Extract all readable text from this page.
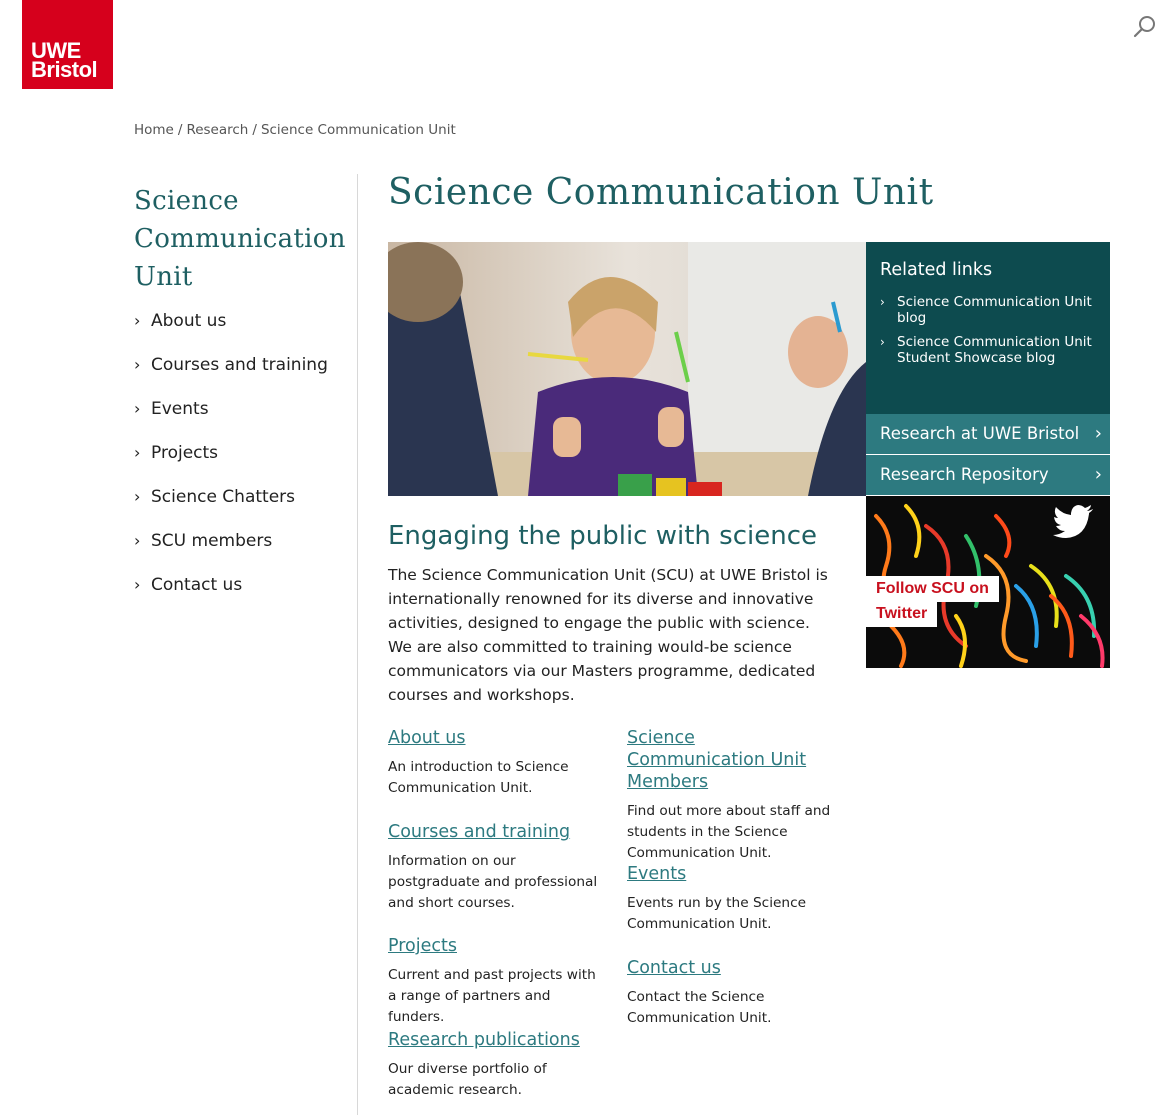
UWE
Bristol
Home / Research / Science Communication Unit
Science Communication Unit
› About us
› Courses and training
› Events
› Projects
› Science Chatters
› SCU members
› Contact us
Science Communication Unit
Related links
› Science Communication Unit blog
› Science Communication Unit Student Showcase blog
Research at UWE Bristol ›
Research Repository	›
Follow SCU on
Twitter
Engaging the public with science

The Science Communication Unit (SCU) at UWE Bristol is internationally renowned for its diverse and innovative activities, designed to engage the public with science. We are also committed to training would-be science communicators via our Masters programme, dedicated courses and workshops.

About us

An introduction to Science Communication Unit.

Courses and training

Information on our postgraduate and professional and short courses.

Projects

Current and past projects with a range of partners and funders.

Research publications

Our diverse portfolio of academic research.

Science Communication Unit Members

Find out more about staff and students in the Science Communication Unit.

Events

Events run by the Science Communication Unit.

Contact us

Contact the Science Communication Unit.
